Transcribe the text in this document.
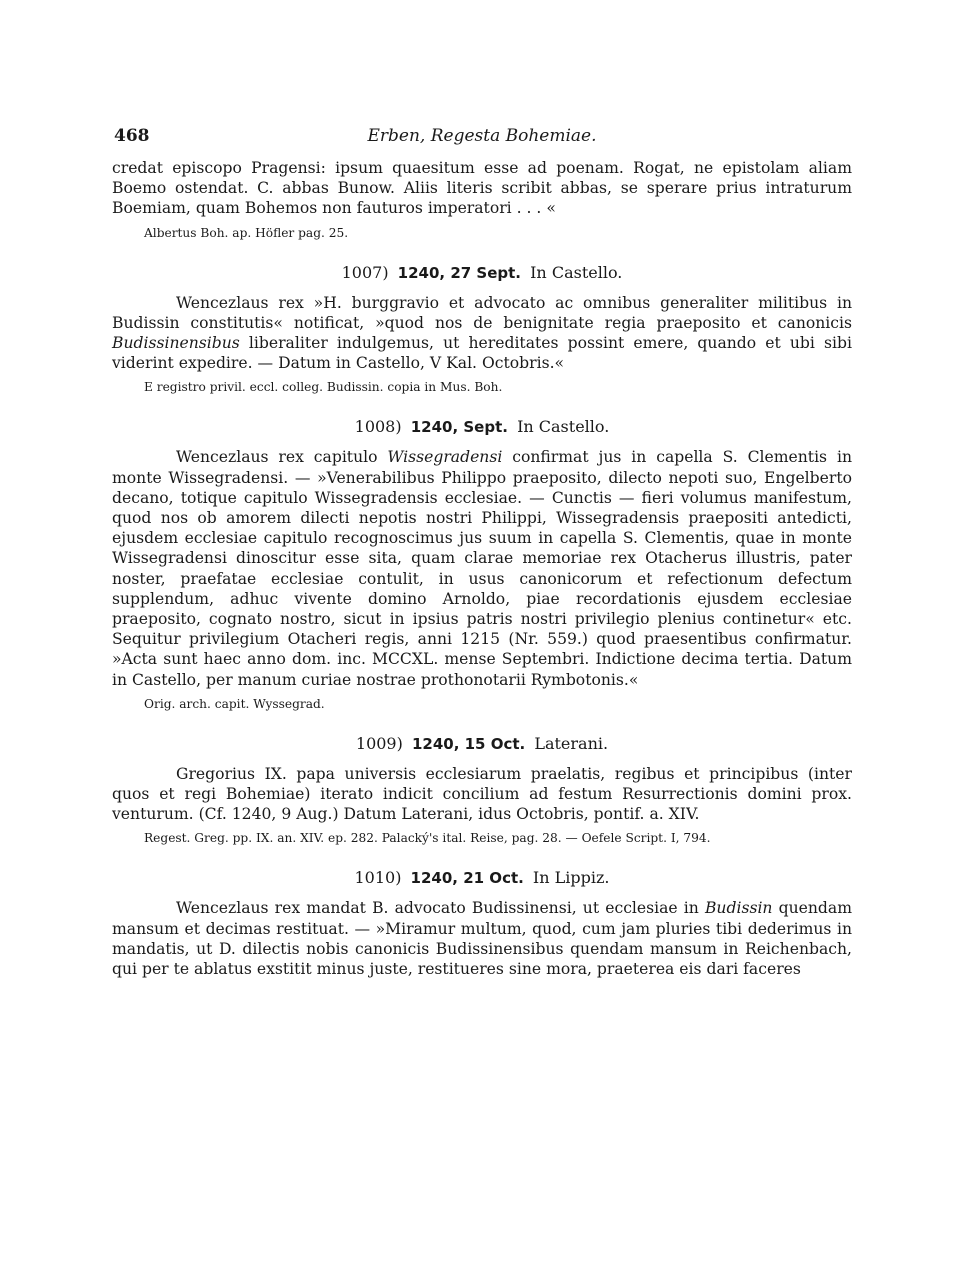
468	Erben, Regesta Bohemiae.

credat episcopo Pragensi: ipsum quaesitum esse ad poenam. Rogat, ne epistolam aliam Boemo ostendat. C. abbas Bunow. Aliis literis scribit abbas, se sperare prius intraturum Boemiam, quam Bohemos non fauturos imperatori . . . «

Albertus Boh. ap. Höfler pag. 25.
1007) 1240, 27 Sept. In Castello.

Wencezlaus rex »H. burggravio et advocato ac omnibus generaliter militibus in Budissin constitutis« notificat, »quod nos de benignitate regia praeposito et canonicis Budissinensibus liberaliter indulgemus, ut hereditates possint emere, quando et ubi sibi viderint expedire. — Datum in Castello, V Kal. Octobris.«

E registro privil. eccl. colleg. Budissin. copia in Mus. Boh.
1008) 1240, Sept. In Castello.

Wencezlaus rex capitulo Wissegradensi confirmat jus in capella S. Clementis in monte Wissegradensi. — »Venerabilibus Philippo praeposito, dilecto nepoti suo, Engelberto decano, totique capitulo Wissegradensis ecclesiae. — Cunctis — fieri volumus manifestum, quod nos ob amorem dilecti nepotis nostri Philippi, Wissegradensis praepositi antedicti, ejusdem ecclesiae capitulo recognoscimus jus suum in capella S. Clementis, quae in monte Wissegradensi dinoscitur esse sita, quam clarae memoriae rex Otacherus illustris, pater noster, praefatae ecclesiae contulit, in usus canonicorum et refectionum defectum supplendum, adhuc vivente domino Arnoldo, piae recordationis ejusdem ecclesiae praeposito, cognato nostro, sicut in ipsius patris nostri privilegio plenius continetur« etc. Sequitur privilegium Otacheri regis, anni 1215 (Nr. 559.) quod praesentibus confirmatur. »Acta sunt haec anno dom. inc. MCCXL. mense Septembri. Indictione decima tertia. Datum in Castello, per manum curiae nostrae prothonotarii Rymbotonis.«

Orig. arch. capit. Wyssegrad.
1009) 1240, 15 Oct. Laterani.

Gregorius IX. papa universis ecclesiarum praelatis, regibus et principibus (inter quos et regi Bohemiae) iterato indicit concilium ad festum Resurrectionis domini prox. venturum. (Cf. 1240, 9 Aug.) Datum Laterani, idus Octobris, pontif. a. XIV.

Regest. Greg. pp. IX. an. XIV. ep. 282. Palacký's ital. Reise, pag. 28. — Oefele Script. I, 794.
1010) 1240, 21 Oct. In Lippiz.

Wencezlaus rex mandat B. advocato Budissinensi, ut ecclesiae in Budissin quendam mansum et decimas restituat. — »Miramur multum, quod, cum jam pluries tibi dederimus in mandatis, ut D. dilectis nobis canonicis Budissinensibus quendam mansum in Reichenbach, qui per te ablatus exstitit minus juste, restitueres sine mora, praeterea eis dari faceres
